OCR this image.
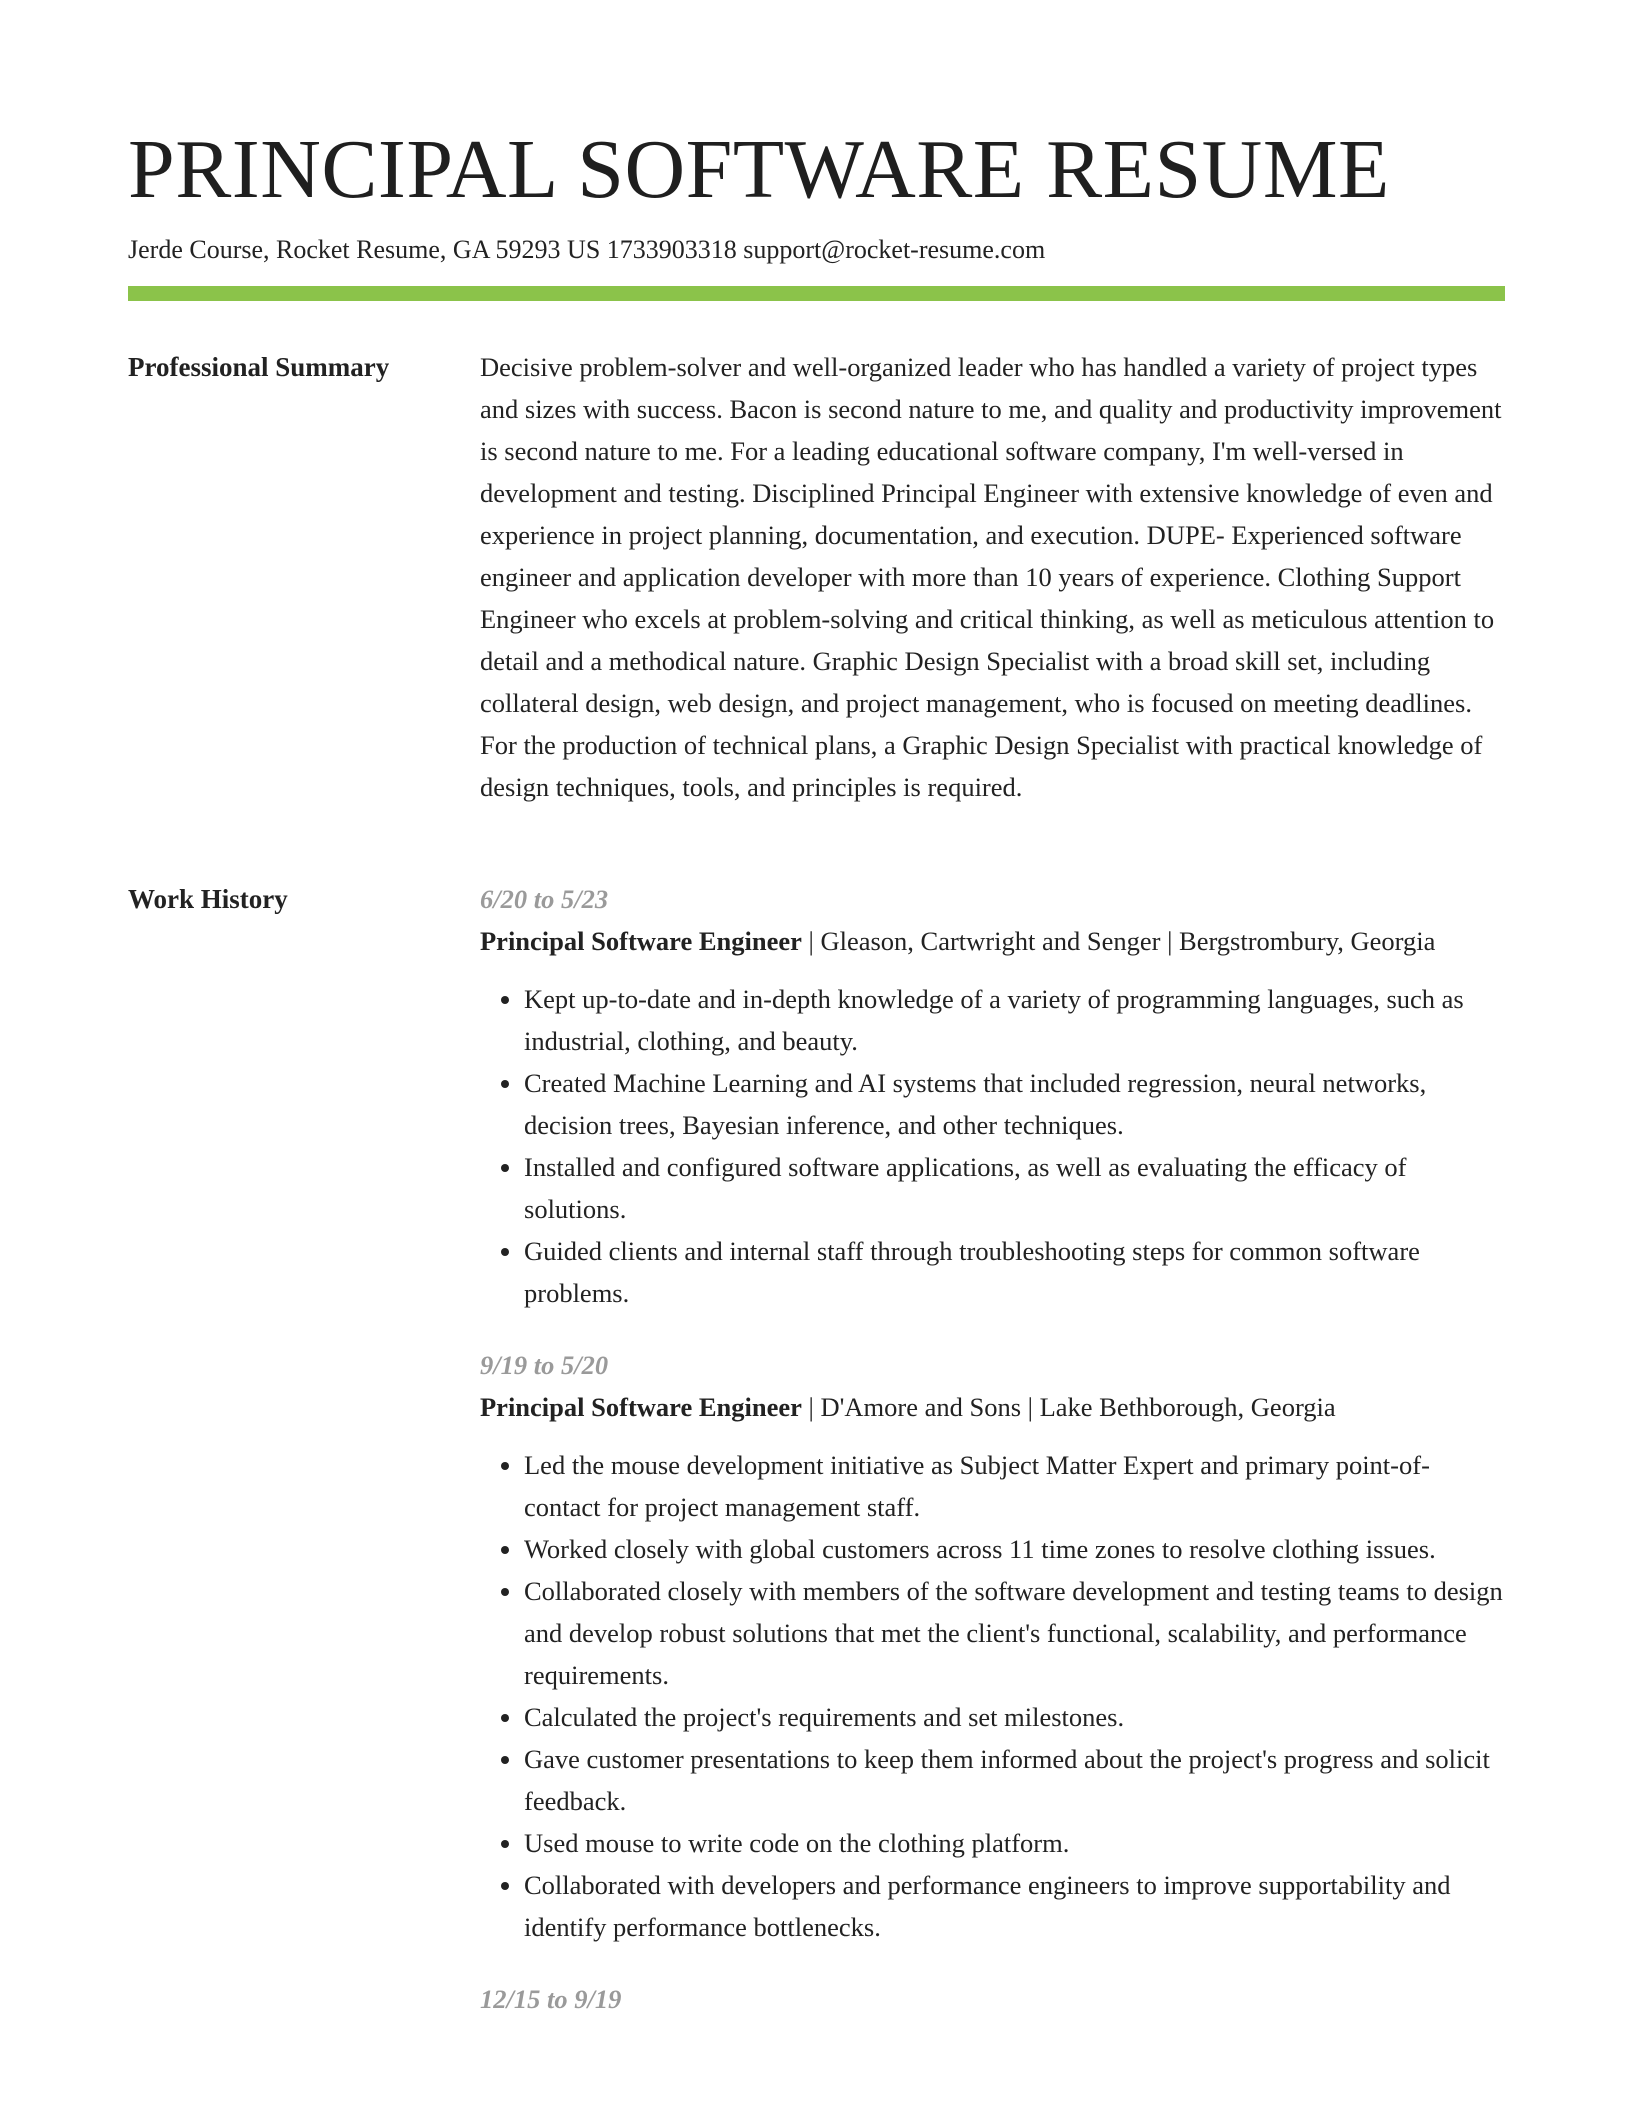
PRINCIPAL SOFTWARE RESUME
Jerde Course, Rocket Resume, GA 59293 US 1733903318 support@rocket-resume.com
Professional Summary	Decisive problem-solver and well-organized leader who has handled a variety of project types and sizes with success. Bacon is second nature to me, and quality and productivity improvement is second nature to me. For a leading educational software company, I'm well-versed in development and testing. Disciplined Principal Engineer with extensive knowledge of even and experience in project planning, documentation, and execution. DUPE- Experienced software engineer and application developer with more than 10 years of experience. Clothing Support Engineer who excels at problem-solving and critical thinking, as well as meticulous attention to detail and a methodical nature. Graphic Design Specialist with a broad skill set, including collateral design, web design, and project management, who is focused on meeting deadlines. For the production of technical plans, a Graphic Design Specialist with practical knowledge of design techniques, tools, and principles is required.

Work History	6/20 to 5/23
Principal Software Engineer | Gleason, Cartwright and Senger | Bergstrombury, Georgia
• Kept up-to-date and in-depth knowledge of a variety of programming languages, such as industrial, clothing, and beauty.
• Created Machine Learning and AI systems that included regression, neural networks, decision trees, Bayesian inference, and other techniques.
• Installed and configured software applications, as well as evaluating the efficacy of solutions.
• Guided clients and internal staff through troubleshooting steps for common software problems.
9/19 to 5/20
Principal Software Engineer | D'Amore and Sons | Lake Bethborough, Georgia
• Led the mouse development initiative as Subject Matter Expert and primary point-of-contact for project management staff.
• Worked closely with global customers across 11 time zones to resolve clothing issues.
• Collaborated closely with members of the software development and testing teams to design and develop robust solutions that met the client's functional, scalability, and performance requirements.
• Calculated the project's requirements and set milestones.
• Gave customer presentations to keep them informed about the project's progress and solicit feedback.
• Used mouse to write code on the clothing platform.
• Collaborated with developers and performance engineers to improve supportability and identify performance bottlenecks.
12/15 to 9/19
